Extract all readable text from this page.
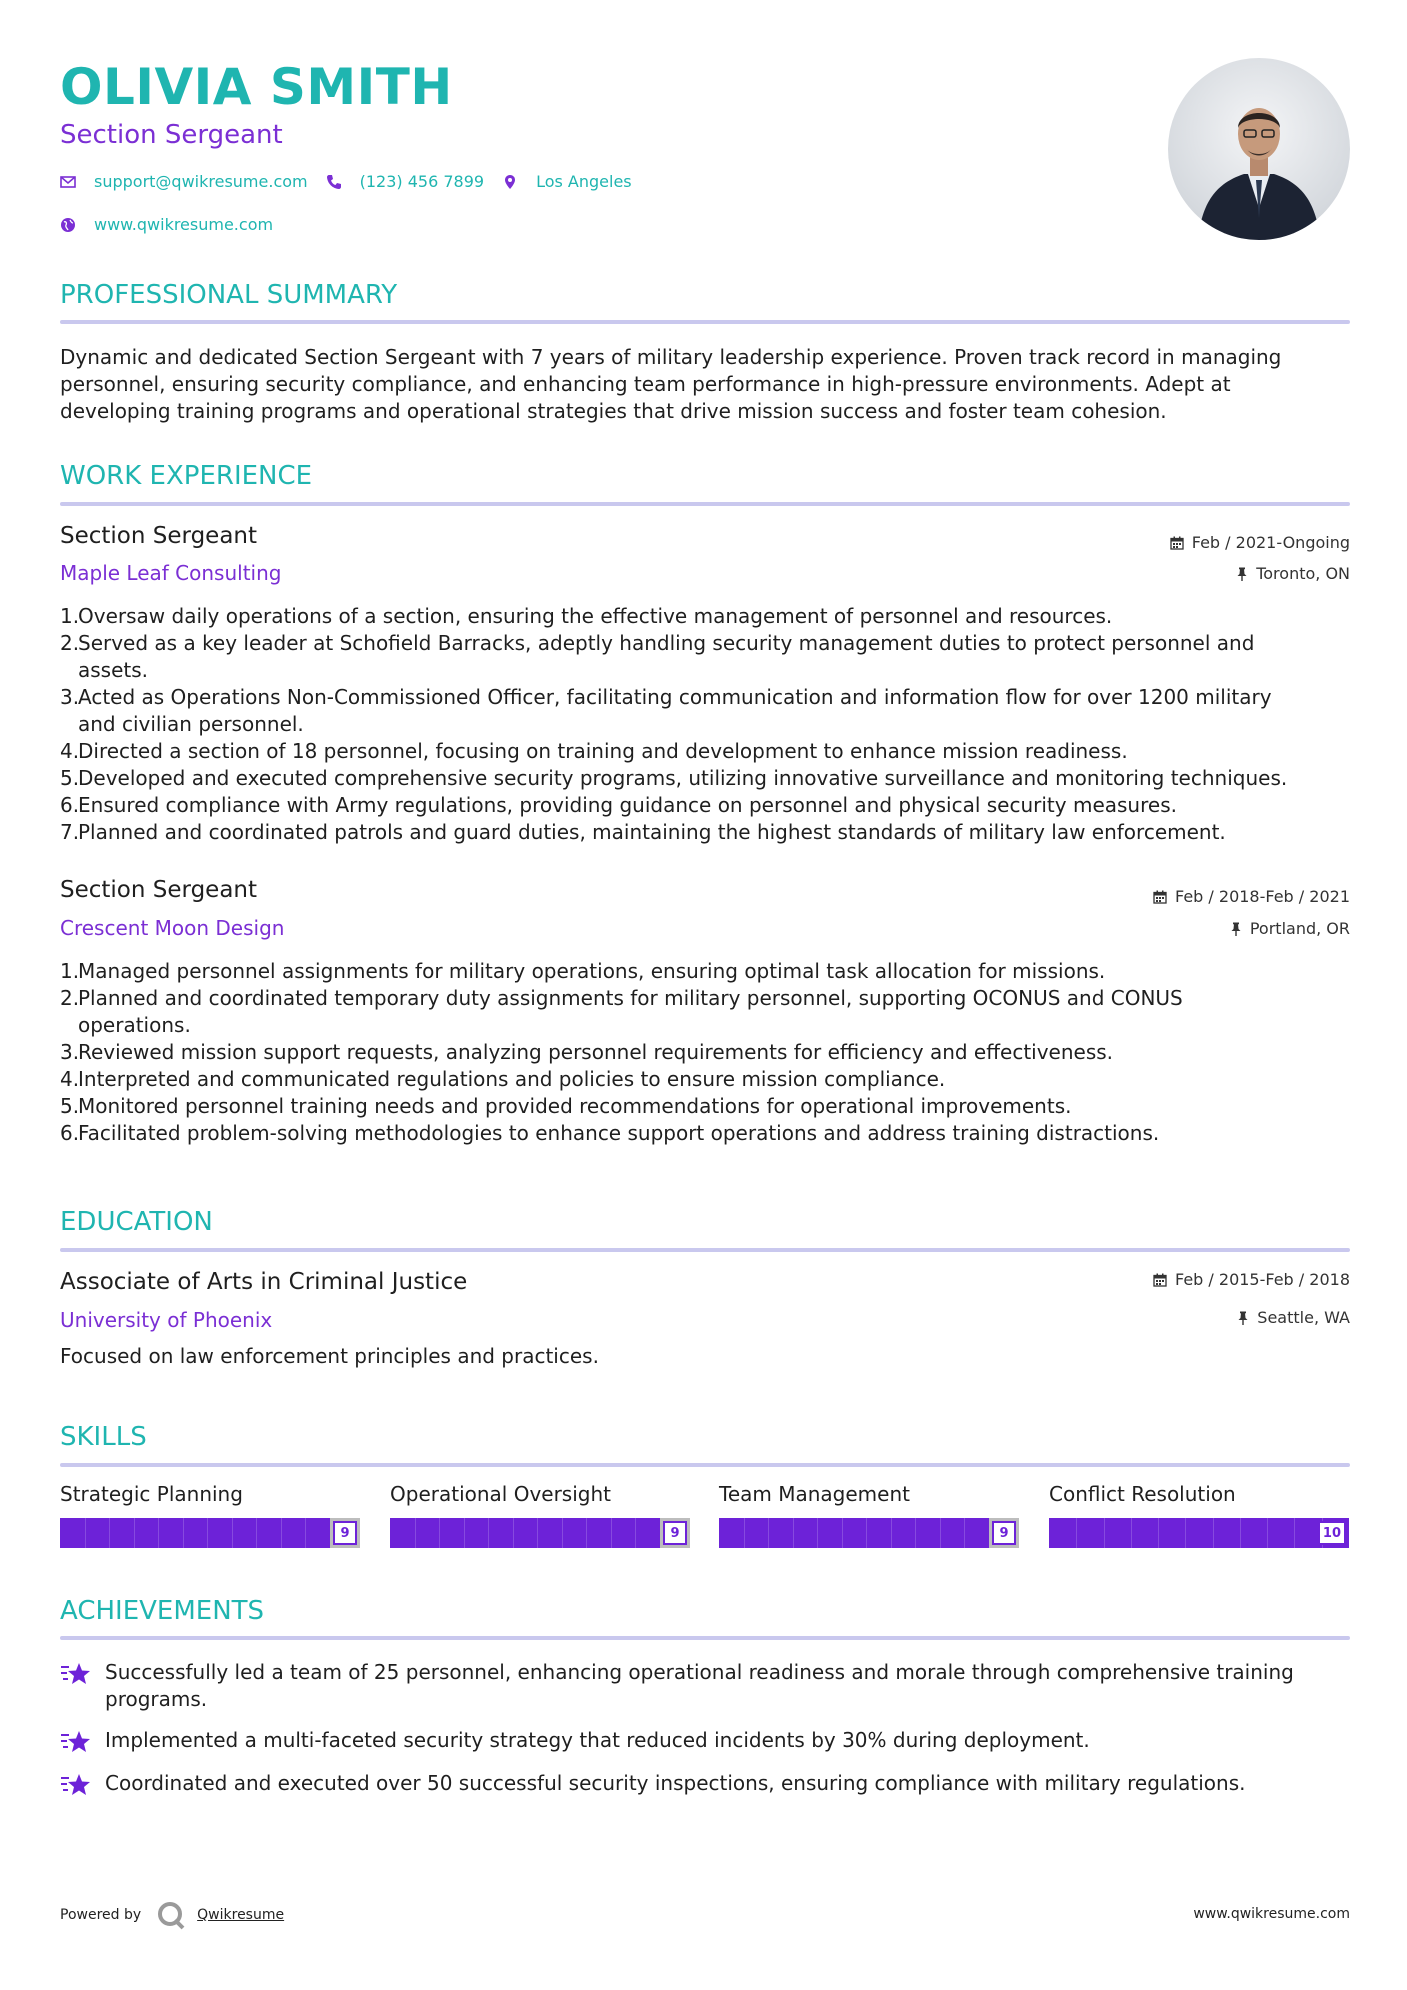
OLIVIA SMITH
Section Sergeant
support@qwikresume.com	(123) 456 7899	Los Angeles
www.qwikresume.com
PROFESSIONAL SUMMARY
Dynamic and dedicated Section Sergeant with 7 years of military leadership experience. Proven track record in managing
personnel, ensuring security compliance, and enhancing team performance in high-pressure environments. Adept at
developing training programs and operational strategies that drive mission success and foster team cohesion.
WORK EXPERIENCE
Section Sergeant
Maple Leaf Consulting
Feb / 2021-Ongoing
Toronto, ON
1.
Oversaw daily operations of a section, ensuring the effective management of personnel and resources.
2.
Served as a key leader at Schofield Barracks, adeptly handling security management duties to protect personnel and
assets.
3.
Acted as Operations Non-Commissioned Officer, facilitating communication and information flow for over 1200 military
and civilian personnel.
4.
Directed a section of 18 personnel, focusing on training and development to enhance mission readiness.
5.
Developed and executed comprehensive security programs, utilizing innovative surveillance and monitoring techniques.
6.
Ensured compliance with Army regulations, providing guidance on personnel and physical security measures.
7.
Planned and coordinated patrols and guard duties, maintaining the highest standards of military law enforcement.
Section Sergeant
Crescent Moon Design
Feb / 2018-Feb / 2021
Portland, OR
1.
Managed personnel assignments for military operations, ensuring optimal task allocation for missions.
2.
Planned and coordinated temporary duty assignments for military personnel, supporting OCONUS and CONUS
operations.
3.
Reviewed mission support requests, analyzing personnel requirements for efficiency and effectiveness.
4.
Interpreted and communicated regulations and policies to ensure mission compliance.
5.
Monitored personnel training needs and provided recommendations for operational improvements.
6.
Facilitated problem-solving methodologies to enhance support operations and address training distractions.
EDUCATION
Associate of Arts in Criminal Justice
University of Phoenix
Feb / 2015-Feb / 2018
Seattle, WA
Focused on law enforcement principles and practices.
SKILLS
Strategic Planning
9
Operational Oversight
9
Team Management
9
Conflict Resolution
10
ACHIEVEMENTS
Successfully led a team of 25 personnel, enhancing operational readiness and morale through comprehensive training
programs.
Implemented a multi-faceted security strategy that reduced incidents by 30% during deployment.
Coordinated and executed over 50 successful security inspections, ensuring compliance with military regulations.
Powered by	Qwikresume	www.qwikresume.com
